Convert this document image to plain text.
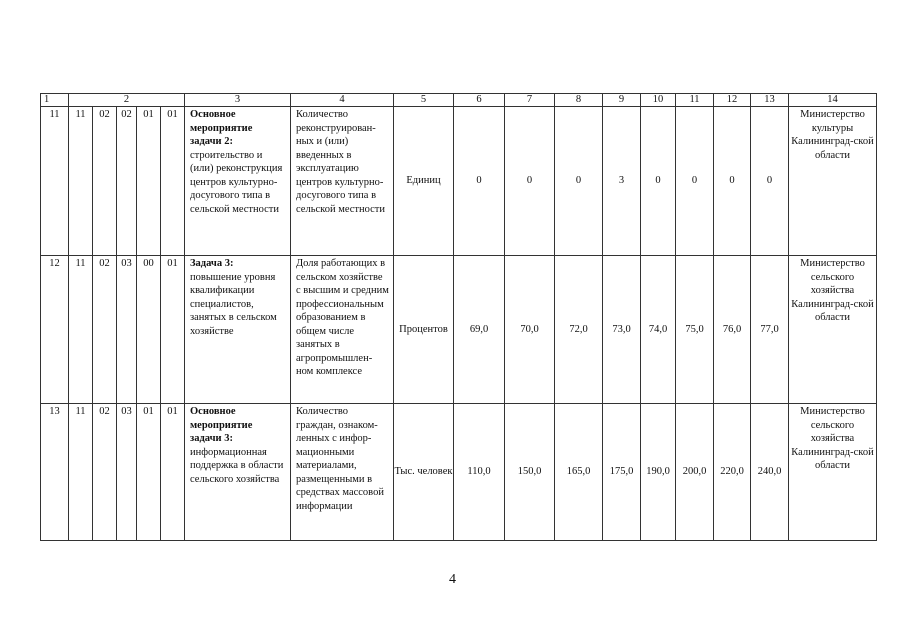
1	2					3	4	5	6	7	8	9	10	11	12	13	14
11	11	02	02	01	01	Основное мероприятие задачи 2: строительство и (или) реконструкция центров культурно-досугового типа в сельской местности	Количество реконструирован-ных и (или) введенных в эксплуатацию центров культурно-досугового типа в сельской местности	Единиц	0	0	0	3	0	0	0	0	Министерство культуры Калининград-ской области
12	11	02	03	00	01	Задача 3: повышение уровня квалификации специалистов, занятых в сельском хозяйстве	Доля работающих в сельском хозяйстве с высшим и средним профессиональным образованием в общем числе занятых в агропромышлен-ном комплексе	Процентов	69,0	70,0	72,0	73,0	74,0	75,0	76,0	77,0	Министерство сельского хозяйства Калининград-ской области
13	11	02	03	01	01	Основное мероприятие задачи 3: информационная поддержка в области сельского хозяйства	Количество граждан, ознаком-ленных с инфор-мационными материалами, размещенными в средствах массовой информации	Тыс. человек	110,0	150,0	165,0	175,0	190,0	200,0	220,0	240,0	Министерство сельского хозяйства Калининград-ской области
4
